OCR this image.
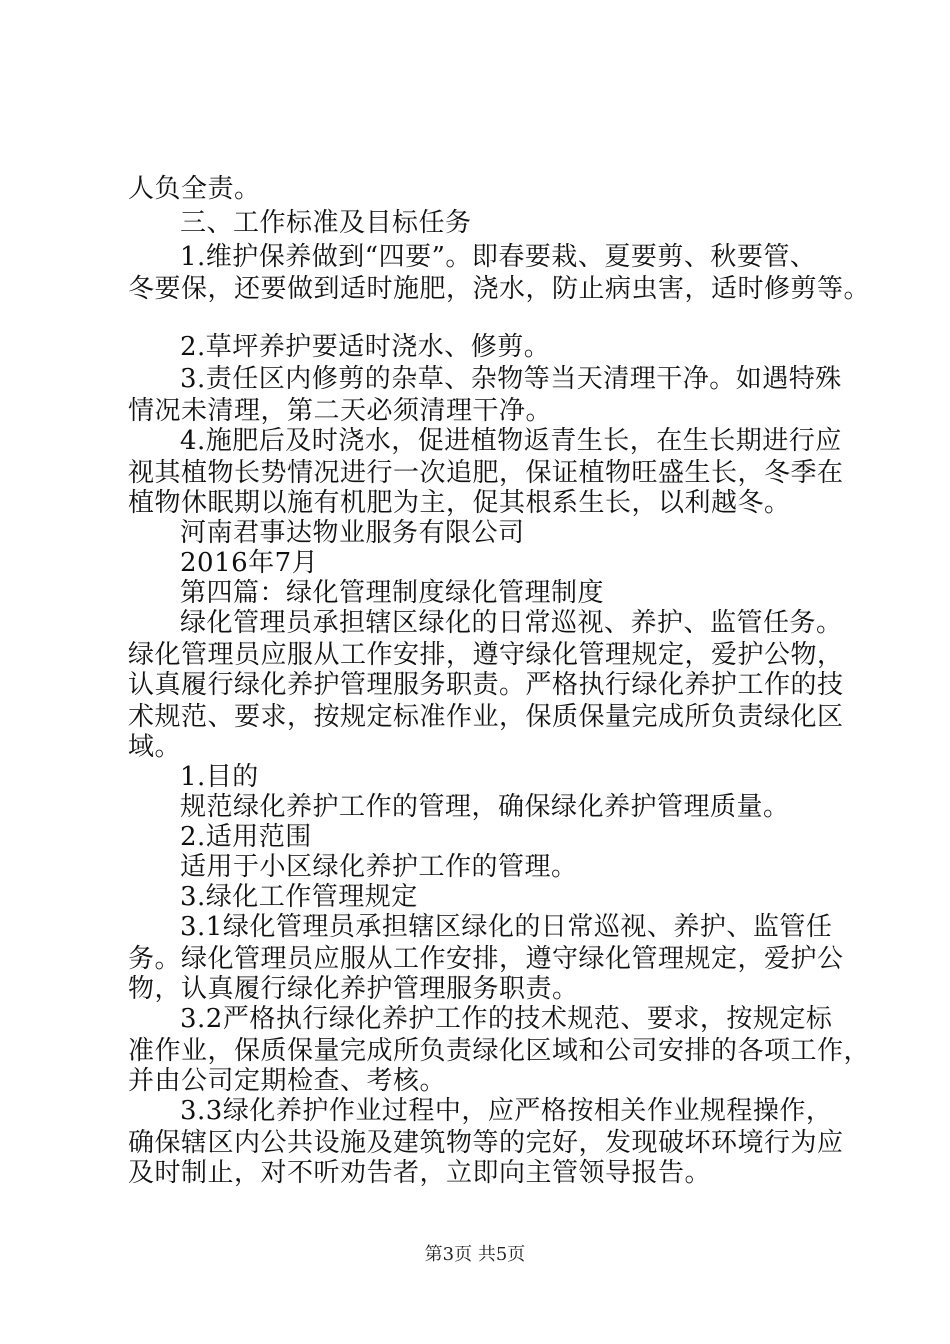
人负全责。
三、工作标准及目标任务
1.维护保养做到“四要”。即春要栽、夏要剪、秋要管、
冬要保，还要做到适时施肥，浇水，防止病虫害，适时修剪等。
2.草坪养护要适时浇水、修剪。
3.责任区内修剪的杂草、杂物等当天清理干净。如遇特殊
情况未清理，第二天必须清理干净。
4.施肥后及时浇水，促进植物返青生长，在生长期进行应
视其植物长势情况进行一次追肥，保证植物旺盛生长，冬季在
植物休眠期以施有机肥为主，促其根系生长，以利越冬。
河南君事达物业服务有限公司
2016年7月
第四篇：绿化管理制度绿化管理制度
绿化管理员承担辖区绿化的日常巡视、养护、监管任务。
绿化管理员应服从工作安排，遵守绿化管理规定，爱护公物，
认真履行绿化养护管理服务职责。严格执行绿化养护工作的技
术规范、要求，按规定标准作业，保质保量完成所负责绿化区
域。
1.目的
规范绿化养护工作的管理，确保绿化养护管理质量。
2.适用范围
适用于小区绿化养护工作的管理。
3.绿化工作管理规定
3.1绿化管理员承担辖区绿化的日常巡视、养护、监管任
务。绿化管理员应服从工作安排，遵守绿化管理规定，爱护公
物，认真履行绿化养护管理服务职责。
3.2严格执行绿化养护工作的技术规范、要求，按规定标
准作业，保质保量完成所负责绿化区域和公司安排的各项工作，
并由公司定期检查、考核。
3.3绿化养护作业过程中，应严格按相关作业规程操作，
确保辖区内公共设施及建筑物等的完好，发现破坏环境行为应
及时制止，对不听劝告者，立即向主管领导报告。
第3页 共5页
